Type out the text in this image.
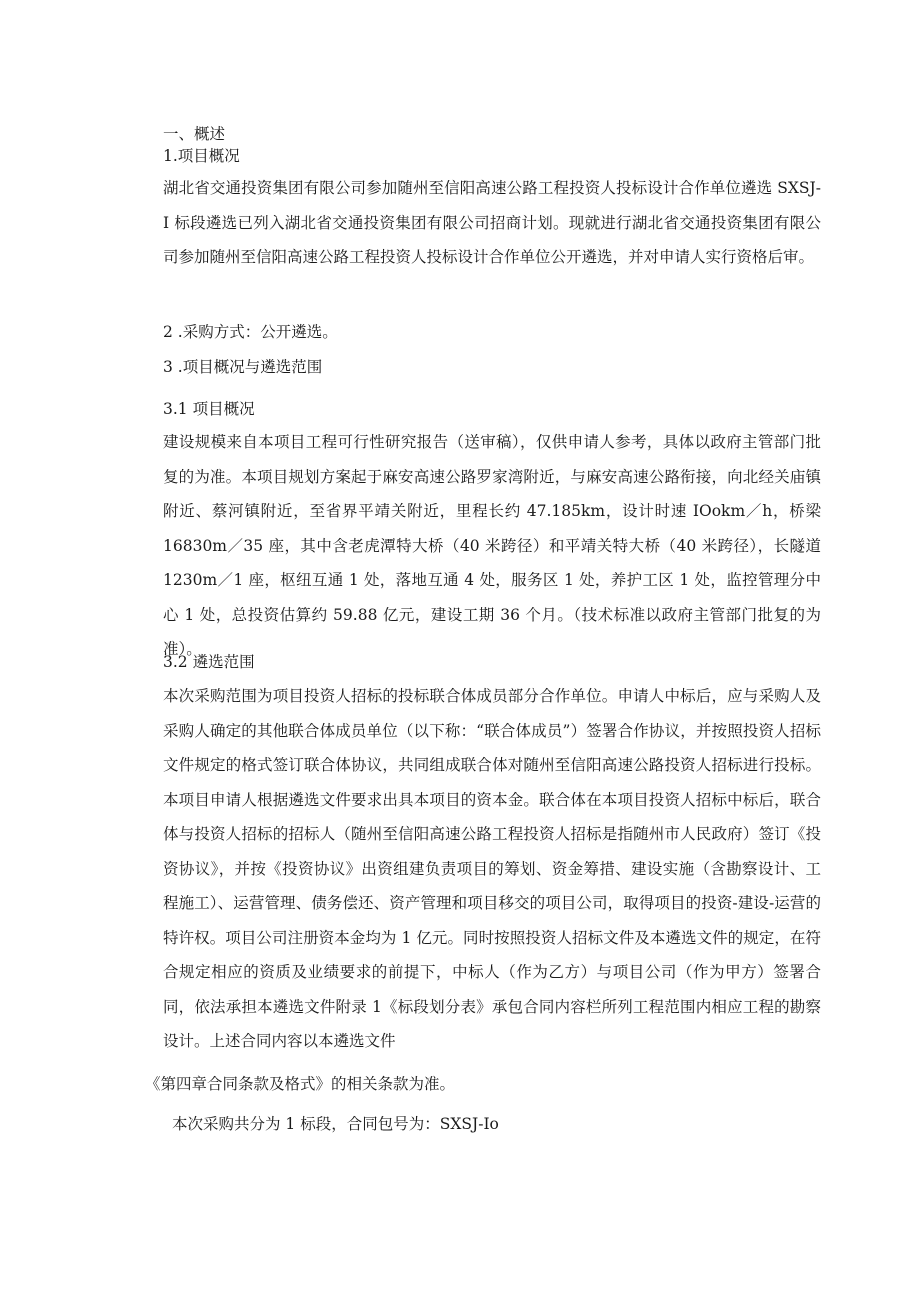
一、概述
1.项目概况
湖北省交通投资集团有限公司参加随州至信阳高速公路工程投资人投标设计合作单位遴选 SXSJ-I 标段遴选已列入湖北省交通投资集团有限公司招商计划。现就进行湖北省交通投资集团有限公司参加随州至信阳高速公路工程投资人投标设计合作单位公开遴选，并对申请人实行资格后审。
2 .采购方式：公开遴选。
3 .项目概况与遴选范围
3.1 项目概况
建设规模来自本项目工程可行性研究报告（送审稿），仅供申请人参考，具体以政府主管部门批复的为准。本项目规划方案起于麻安高速公路罗家湾附近，与麻安高速公路衔接，向北经关庙镇附近、蔡河镇附近，至省界平靖关附近，里程长约 47.185km，设计时速 IOokm／h，桥梁 16830m／35 座，其中含老虎潭特大桥（40 米跨径）和平靖关特大桥（40 米跨径），长隧道 1230m／1 座，枢纽互通 1 处，落地互通 4 处，服务区 1 处，养护工区 1 处，监控管理分中心 1 处，总投资估算约 59.88 亿元，建设工期 36 个月。（技术标准以政府主管部门批复的为准）。
3.2 遴选范围
本次采购范围为项目投资人招标的投标联合体成员部分合作单位。申请人中标后，应与采购人及采购人确定的其他联合体成员单位（以下称：“联合体成员”）签署合作协议，并按照投资人招标文件规定的格式签订联合体协议，共同组成联合体对随州至信阳高速公路投资人招标进行投标。本项目申请人根据遴选文件要求出具本项目的资本金。联合体在本项目投资人招标中标后，联合体与投资人招标的招标人（随州至信阳高速公路工程投资人招标是指随州市人民政府）签订《投资协议》，并按《投资协议》出资组建负责项目的筹划、资金筹措、建设实施（含勘察设计、工程施工）、运营管理、债务偿还、资产管理和项目移交的项目公司，取得项目的投资-建设-运营的特许权。项目公司注册资本金均为 1 亿元。同时按照投资人招标文件及本遴选文件的规定，在符合规定相应的资质及业绩要求的前提下，中标人（作为乙方）与项目公司（作为甲方）签署合同，依法承担本遴选文件附录 1《标段划分表》承包合同内容栏所列工程范围内相应工程的勘察设计。上述合同内容以本遴选文件
《第四章合同条款及格式》的相关条款为准。
本次采购共分为 1 标段，合同包号为：SXSJ-Io
